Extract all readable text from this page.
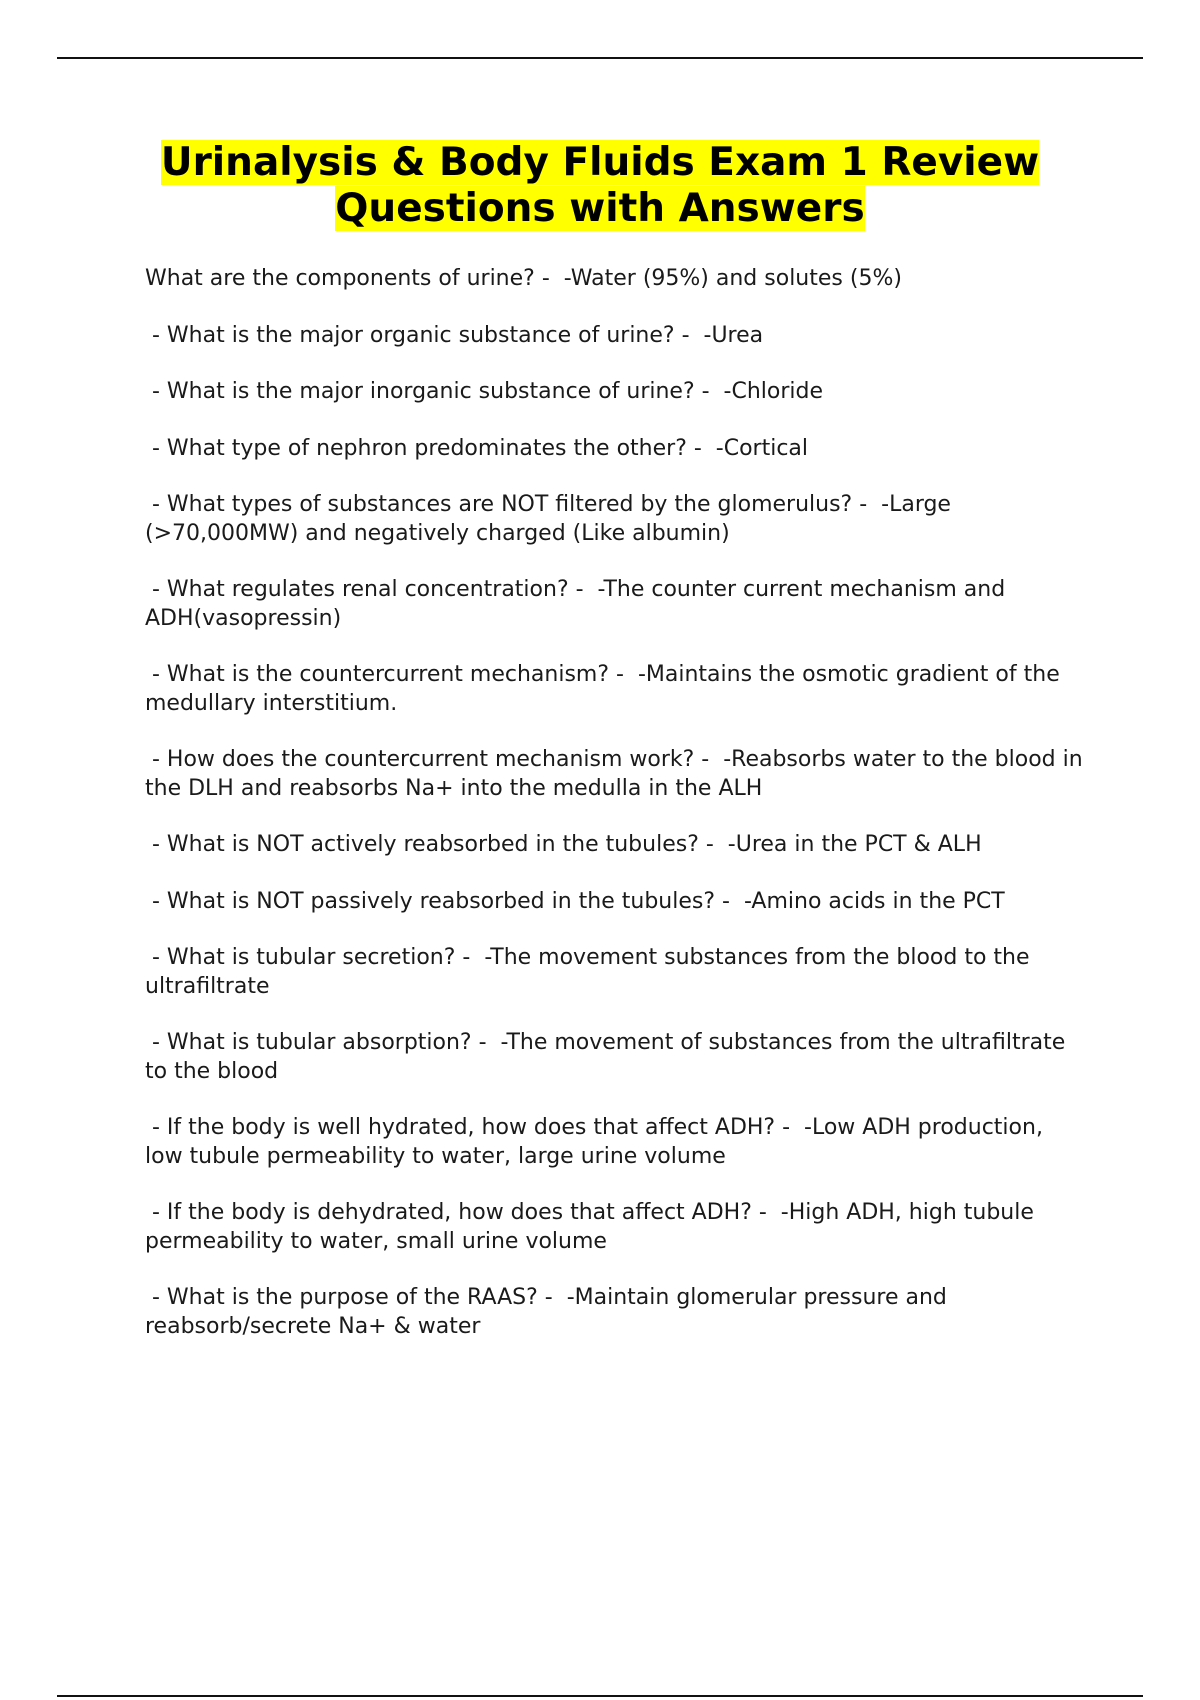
Urinalysis & Body Fluids Exam 1 Review Questions with Answers
What are the components of urine? -  -Water (95%) and solutes (5%)
- What is the major organic substance of urine? -  -Urea
- What is the major inorganic substance of urine? -  -Chloride
- What type of nephron predominates the other? -  -Cortical
- What types of substances are NOT filtered by the glomerulus? -  -Large (>70,000MW) and negatively charged (Like albumin)
- What regulates renal concentration? -  -The counter current mechanism and ADH(vasopressin)
- What is the countercurrent mechanism? -  -Maintains the osmotic gradient of the medullary interstitium.
- How does the countercurrent mechanism work? -  -Reabsorbs water to the blood in the DLH and reabsorbs Na+ into the medulla in the ALH
- What is NOT actively reabsorbed in the tubules? -  -Urea in the PCT & ALH
- What is NOT passively reabsorbed in the tubules? -  -Amino acids in the PCT
- What is tubular secretion? -  -The movement substances from the blood to the ultrafiltrate
- What is tubular absorption? -  -The movement of substances from the ultrafiltrate to the blood
- If the body is well hydrated, how does that affect ADH? -  -Low ADH production, low tubule permeability to water, large urine volume
- If the body is dehydrated, how does that affect ADH? -  -High ADH, high tubule permeability to water, small urine volume
- What is the purpose of the RAAS? -  -Maintain glomerular pressure and reabsorb/secrete Na+ & water
